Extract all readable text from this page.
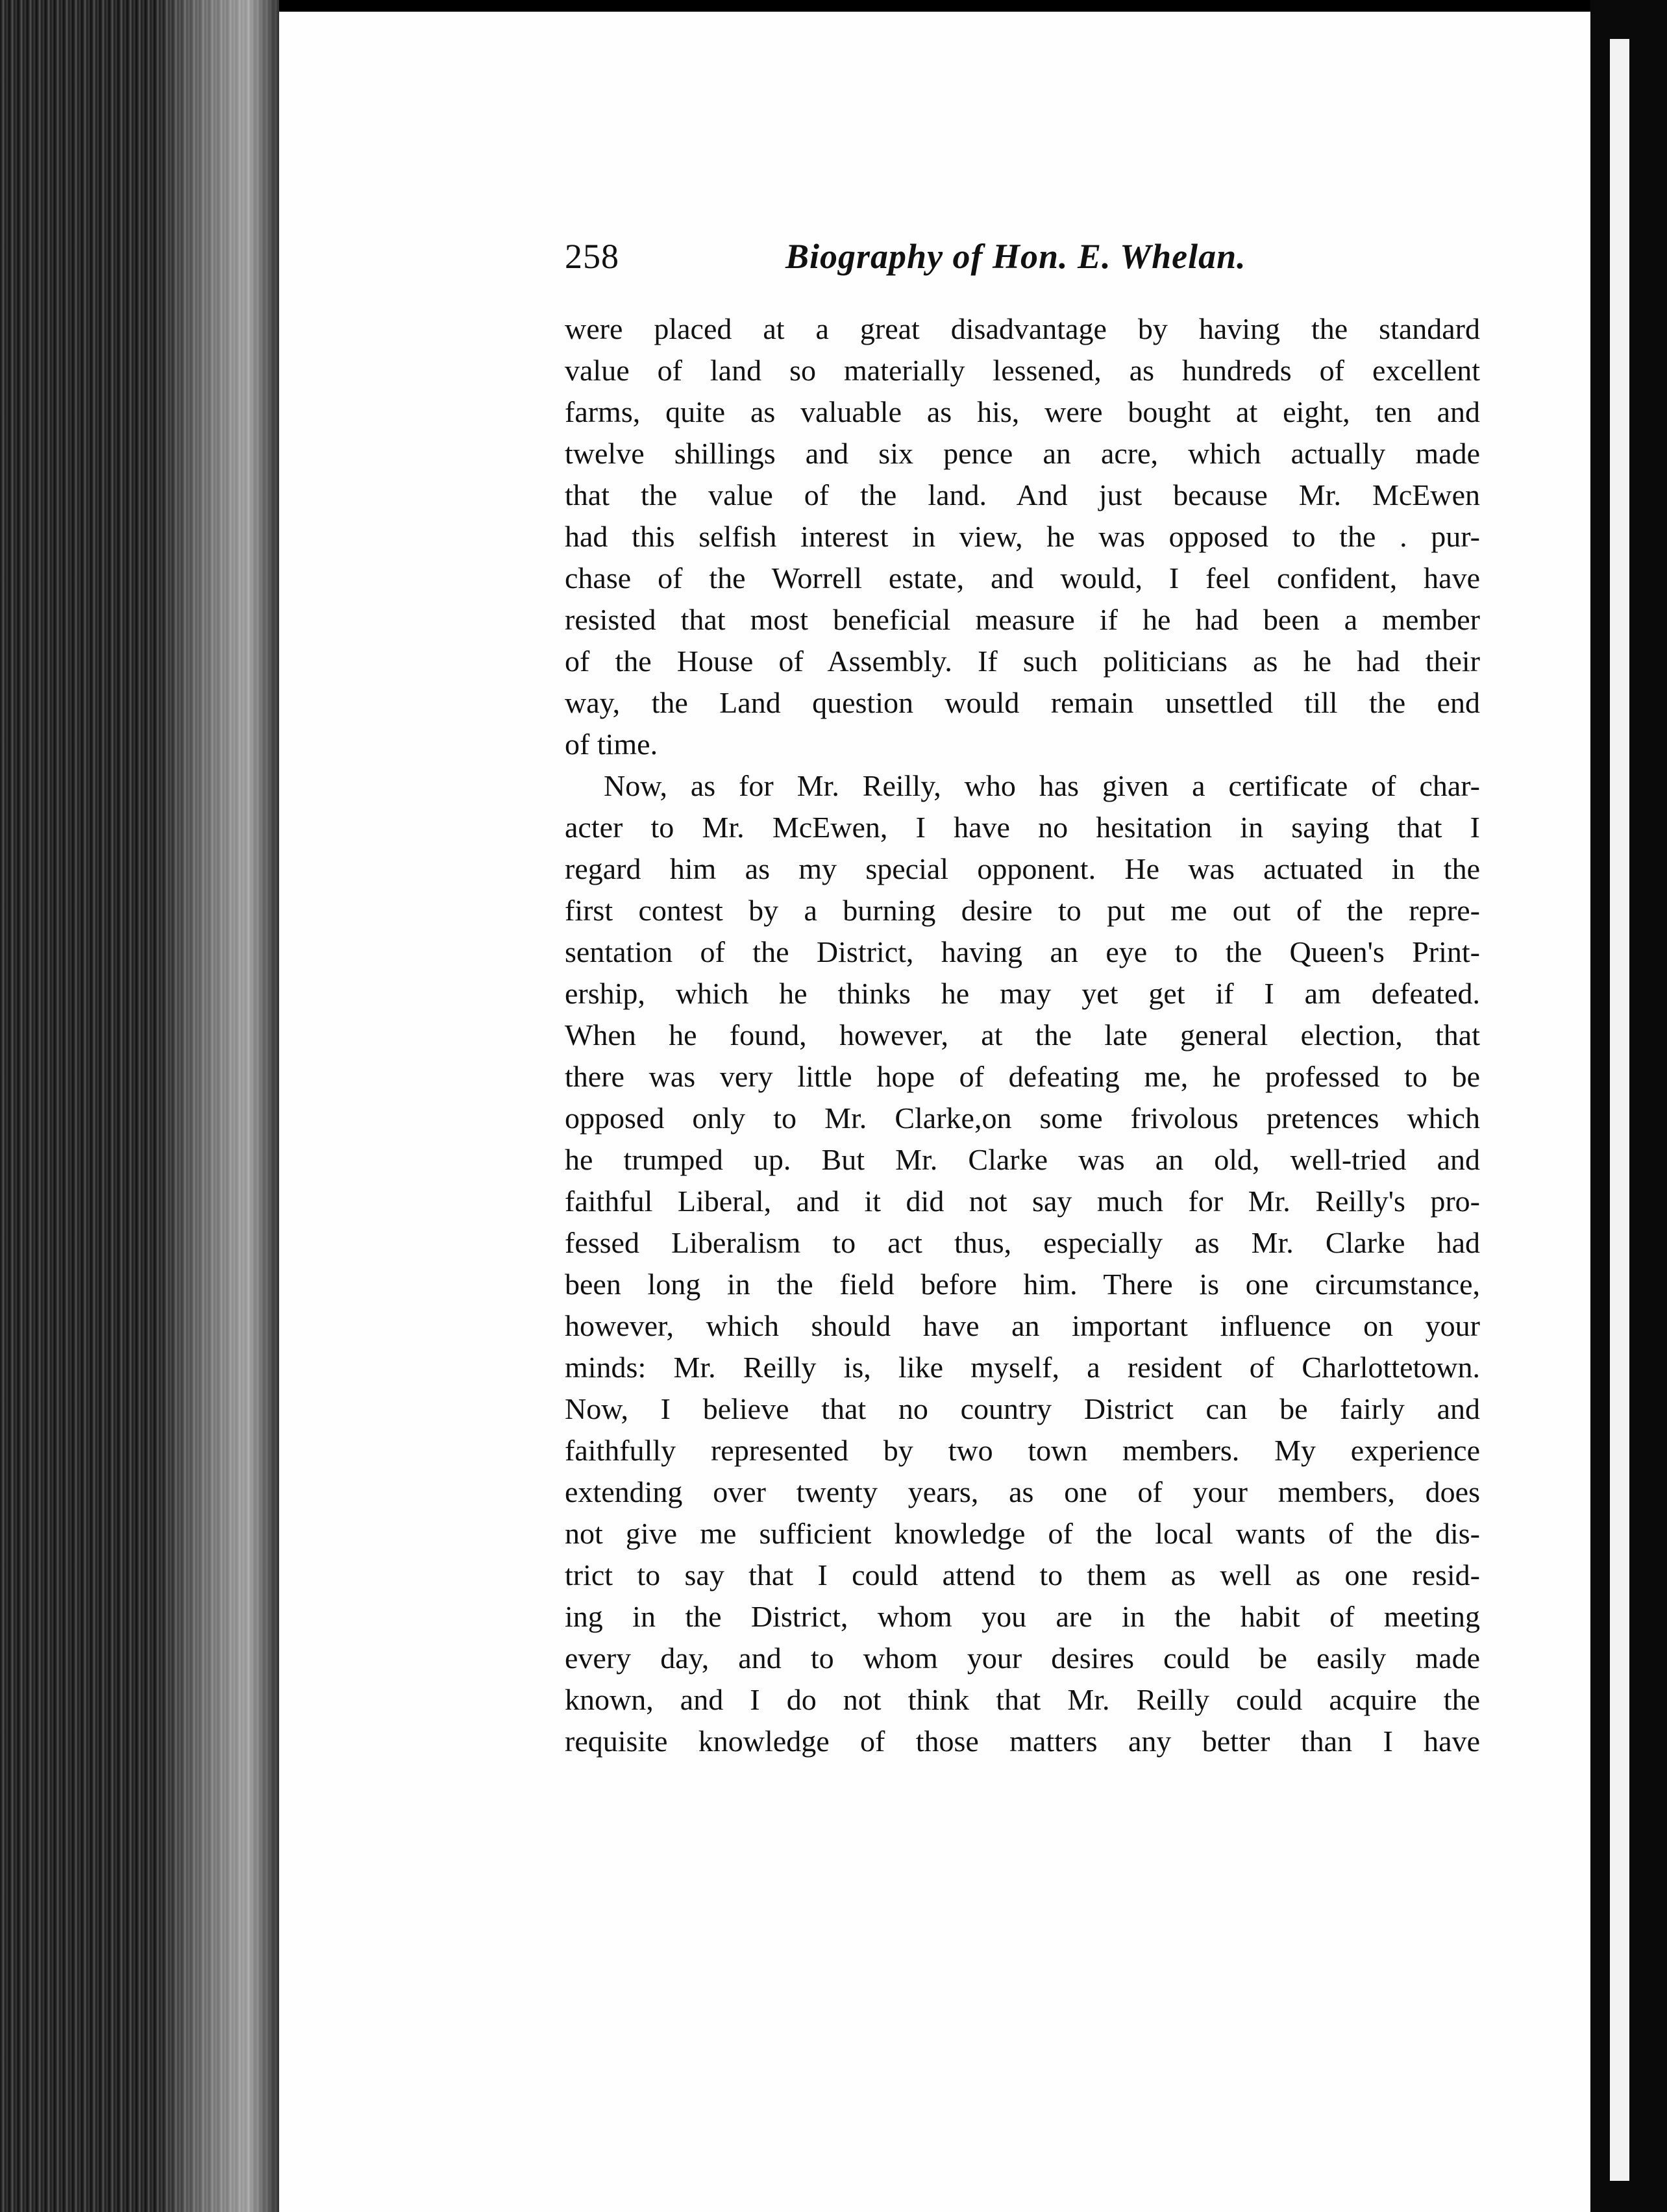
258	Biography of Hon. E. Whelan.
were placed at a great disadvantage by having the standard
value of land so materially lessened, as hundreds of excellent
farms, quite as valuable as his, were bought at eight, ten and
twelve shillings and six pence an acre, which actually made
that the value of the land. And just because Mr. McEwen
had this selfish interest in view, he was opposed to the . pur-
chase of the Worrell estate, and would, I feel confident, have
resisted that most beneficial measure if he had been a member
of the House of Assembly. If such politicians as he had their
way, the Land question would remain unsettled till the end
of time.
Now, as for Mr. Reilly, who has given a certificate of char-
acter to Mr. McEwen, I have no hesitation in saying that I
regard him as my special opponent. He was actuated in the
first contest by a burning desire to put me out of the repre-
sentation of the District, having an eye to the Queen's Print-
ership, which he thinks he may yet get if I am defeated.
When he found, however, at the late general election, that
there was very little hope of defeating me, he professed to be
opposed only to Mr. Clarke,on some frivolous pretences which
he trumped up. But Mr. Clarke was an old, well-tried and
faithful Liberal, and it did not say much for Mr. Reilly's pro-
fessed Liberalism to act thus, especially as Mr. Clarke had
been long in the field before him. There is one circumstance,
however, which should have an important influence on your
minds: Mr. Reilly is, like myself, a resident of Charlottetown.
Now, I believe that no country District can be fairly and
faithfully represented by two town members. My experience
extending over twenty years, as one of your members, does
not give me sufficient knowledge of the local wants of the dis-
trict to say that I could attend to them as well as one resid-
ing in the District, whom you are in the habit of meeting
every day, and to whom your desires could be easily made
known, and I do not think that Mr. Reilly could acquire the
requisite knowledge of those matters any better than I have
